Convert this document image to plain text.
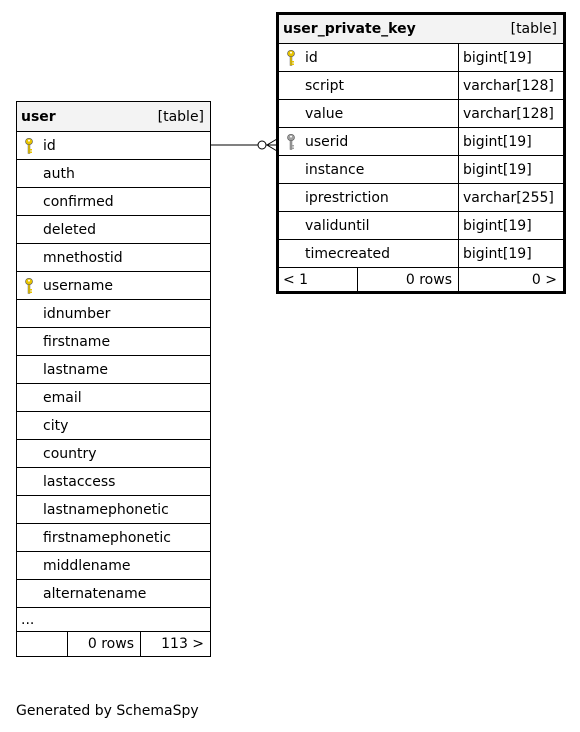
user	[table]

id
auth
confirmed
deleted
mnethostid
username
idnumber
firstname
lastname
email
city
country
lastaccess
lastnamephonetic
firstnamephonetic
middlename
alternatename
...
	0 rows	113 >
user_private_key [table]		

id		bigint[19]
script		varchar[128]
value		varchar[128]
userid		bigint[19]
instance		bigint[19]
iprestriction		varchar[255]
validuntil		bigint[19]
timecreated		bigint[19]
< 1	0 rows	0 >
Generated by SchemaSpy
